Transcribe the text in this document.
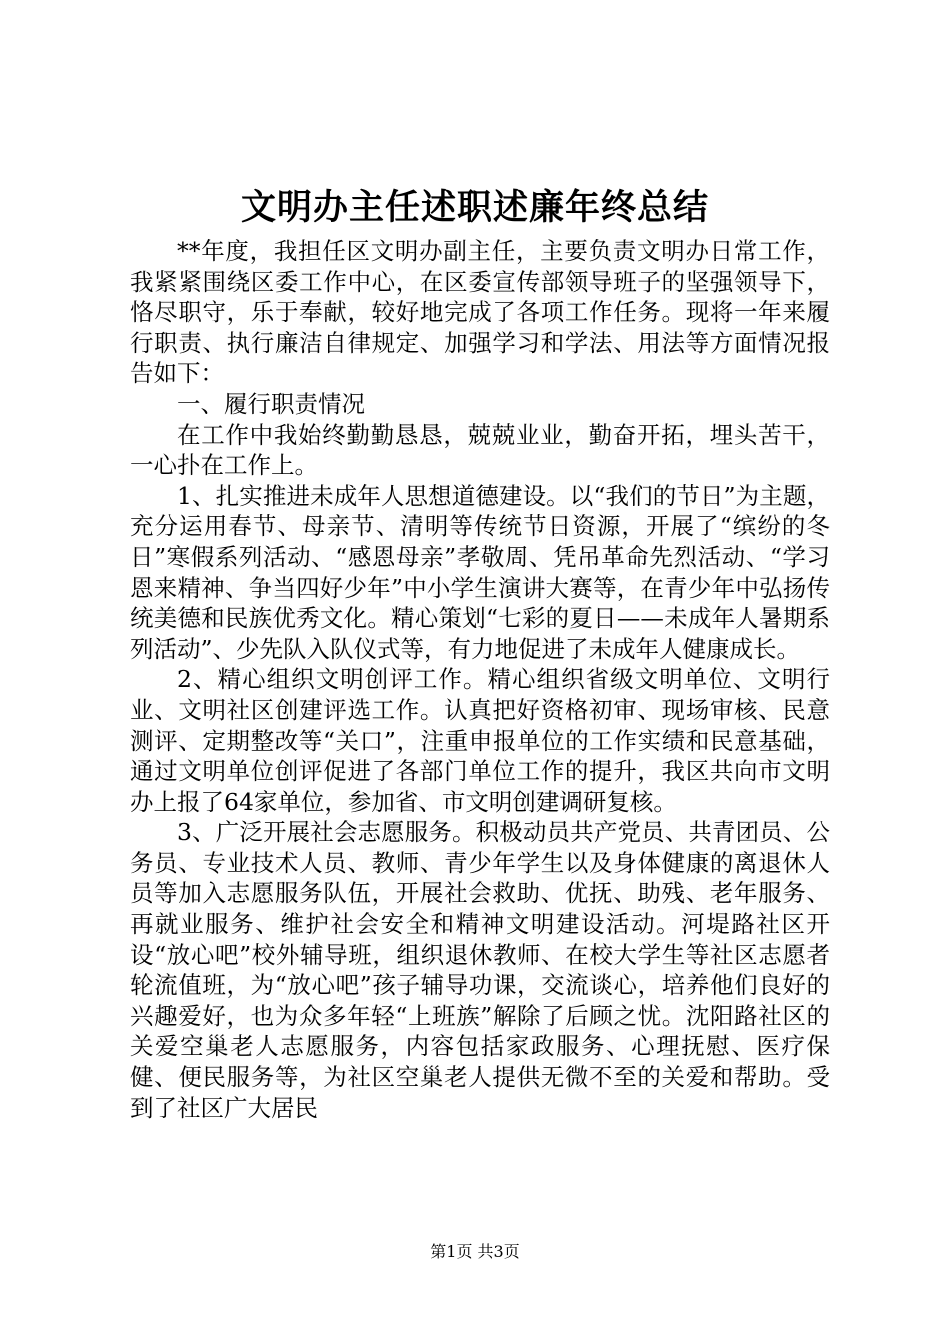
文明办主任述职述廉年终总结

**年度，我担任区文明办副主任，主要负责文明办日常工作，我紧紧围绕区委工作中心，在区委宣传部领导班子的坚强领导下，恪尽职守，乐于奉献，较好地完成了各项工作任务。现将一年来履行职责、执行廉洁自律规定、加强学习和学法、用法等方面情况报告如下：

一、履行职责情况

在工作中我始终勤勤恳恳，兢兢业业，勤奋开拓，埋头苦干，一心扑在工作上。

1、扎实推进未成年人思想道德建设。以“我们的节日”为主题，充分运用春节、母亲节、清明等传统节日资源，开展了“缤纷的冬日”寒假系列活动、“感恩母亲”孝敬周、凭吊革命先烈活动、“学习恩来精神、争当四好少年”中小学生演讲大赛等，在青少年中弘扬传统美德和民族优秀文化。精心策划“七彩的夏日——未成年人暑期系列活动”、少先队入队仪式等，有力地促进了未成年人健康成长。

2、精心组织文明创评工作。精心组织省级文明单位、文明行业、文明社区创建评选工作。认真把好资格初审、现场审核、民意测评、定期整改等“关口”，注重申报单位的工作实绩和民意基础，通过文明单位创评促进了各部门单位工作的提升，我区共向市文明办上报了64家单位，参加省、市文明创建调研复核。

3、广泛开展社会志愿服务。积极动员共产党员、共青团员、公务员、专业技术人员、教师、青少年学生以及身体健康的离退休人员等加入志愿服务队伍，开展社会救助、优抚、助残、老年服务、再就业服务、维护社会安全和精神文明建设活动。河堤路社区开设“放心吧”校外辅导班，组织退休教师、在校大学生等社区志愿者轮流值班，为“放心吧”孩子辅导功课，交流谈心，培养他们良好的兴趣爱好，也为众多年轻“上班族”解除了后顾之忧。沈阳路社区的关爱空巢老人志愿服务，内容包括家政服务、心理抚慰、医疗保健、便民服务等，为社区空巢老人提供无微不至的关爱和帮助。受到了社区广大居民

第1页 共3页
